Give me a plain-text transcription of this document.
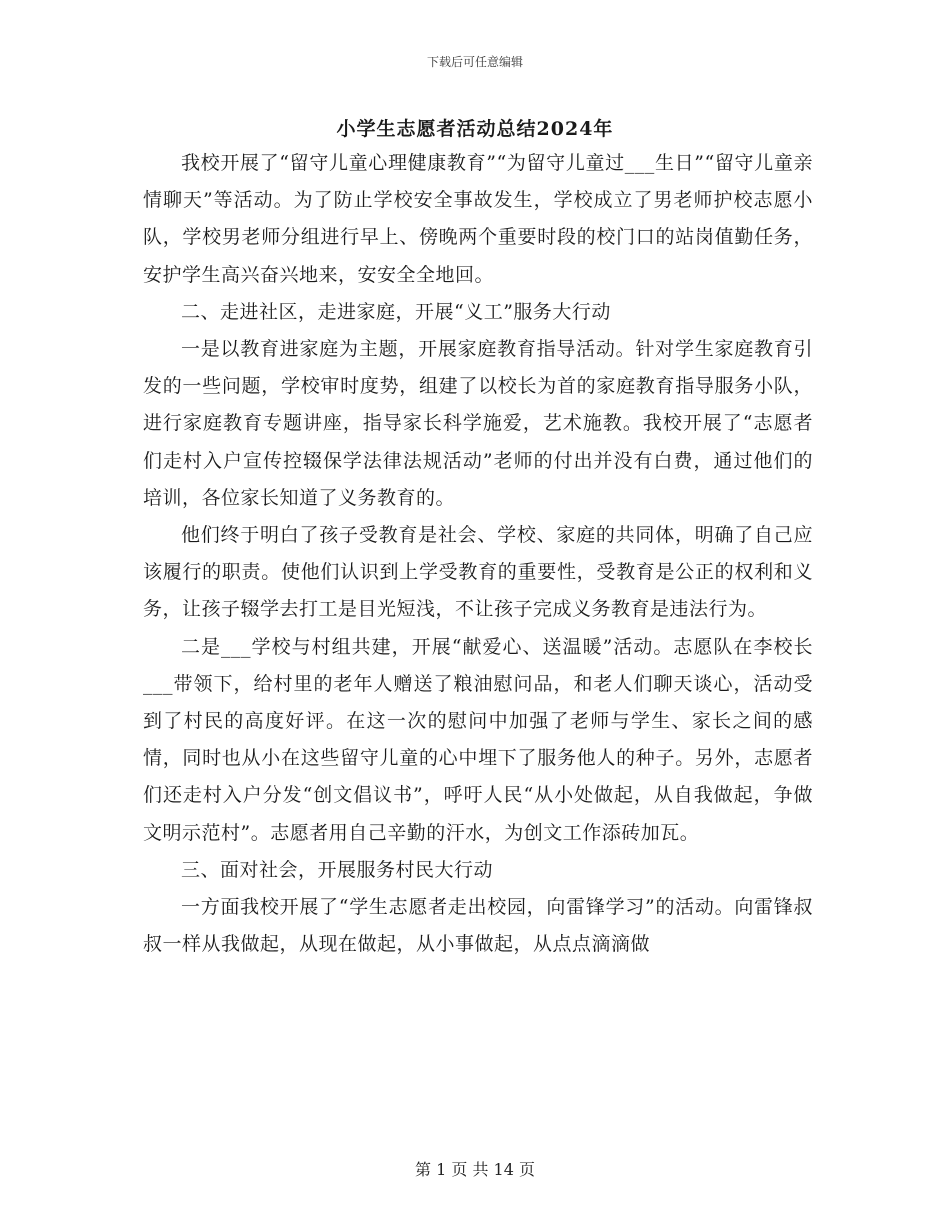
下载后可任意编辑
小学生志愿者活动总结2024年

我校开展了“留守儿童心理健康教育”“为留守儿童过___生日”“留守儿童亲情聊天”等活动。为了防止学校安全事故发生，学校成立了男老师护校志愿小队，学校男老师分组进行早上、傍晚两个重要时段的校门口的站岗值勤任务，安护学生高兴奋兴地来，安安全全地回。

二、走进社区，走进家庭，开展“义工”服务大行动

一是以教育进家庭为主题，开展家庭教育指导活动。针对学生家庭教育引发的一些问题，学校审时度势，组建了以校长为首的家庭教育指导服务小队，进行家庭教育专题讲座，指导家长科学施爱，艺术施教。我校开展了“志愿者们走村入户宣传控辍保学法律法规活动”老师的付出并没有白费，通过他们的培训，各位家长知道了义务教育的。

他们终于明白了孩子受教育是社会、学校、家庭的共同体，明确了自己应该履行的职责。使他们认识到上学受教育的重要性，受教育是公正的权利和义务，让孩子辍学去打工是目光短浅，不让孩子完成义务教育是违法行为。

二是___学校与村组共建，开展“献爱心、送温暖”活动。志愿队在李校长___带领下，给村里的老年人赠送了粮油慰问品，和老人们聊天谈心，活动受到了村民的高度好评。在这一次的慰问中加强了老师与学生、家长之间的感情，同时也从小在这些留守儿童的心中埋下了服务他人的种子。另外，志愿者们还走村入户分发“创文倡议书”，呼吁人民“从小处做起，从自我做起，争做文明示范村”。志愿者用自己辛勤的汗水，为创文工作添砖加瓦。

三、面对社会，开展服务村民大行动

一方面我校开展了“学生志愿者走出校园，向雷锋学习”的活动。向雷锋叔叔一样从我做起，从现在做起，从小事做起，从点点滴滴做

第 1 页 共 14 页
